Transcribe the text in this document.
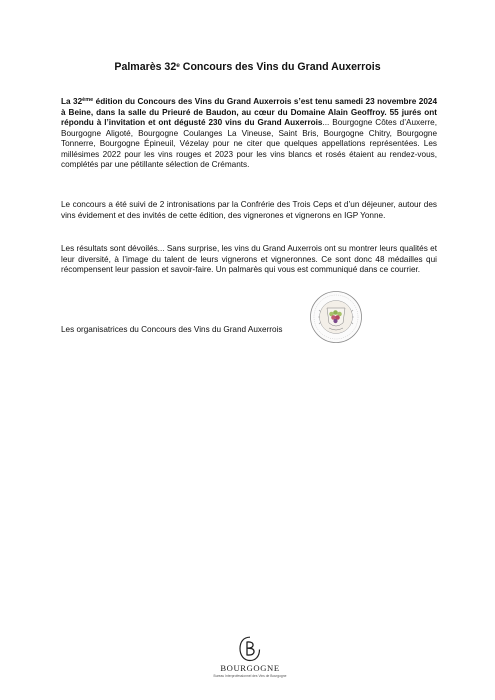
Palmarès 32e Concours des Vins du Grand Auxerrois

La 32ème édition du Concours des Vins du Grand Auxerrois s’est tenu samedi 23 novembre 2024 à Beine, dans la salle du Prieuré de Baudon, au cœur du Domaine Alain Geoffroy. 55 jurés ont répondu à l’invitation et ont dégusté 230 vins du Grand Auxerrois... Bourgogne Côtes d’Auxerre, Bourgogne Aligoté, Bourgogne Coulanges La Vineuse, Saint Bris, Bourgogne Chitry, Bourgogne Tonnerre, Bourgogne Épineuil, Vézelay pour ne citer que quelques appellations représentées. Les millésimes 2022 pour les vins rouges et 2023 pour les vins blancs et rosés étaient au rendez-vous, complétés par une pétillante sélection de Crémants.

Le concours a été suivi de 2 intronisations par la Confrérie des Trois Ceps et d’un déjeuner, autour des vins évidement et des invités de cette édition, des vignerones et vignerons en IGP Yonne.

Les résultats sont dévoilés... Sans surprise, les vins du Grand Auxerrois ont su montrer leurs qualités et leur diversité, à l’image du talent de leurs vignerons et vigneronnes. Ce sont donc 48 médailles qui récompensent leur passion et savoir-faire. Un palmarès qui vous est communiqué dans ce courrier.

Les organisatrices du Concours des Vins du Grand Auxerrois
BOURGOGNE
Bureau Interprofessionnel des Vins de Bourgogne
